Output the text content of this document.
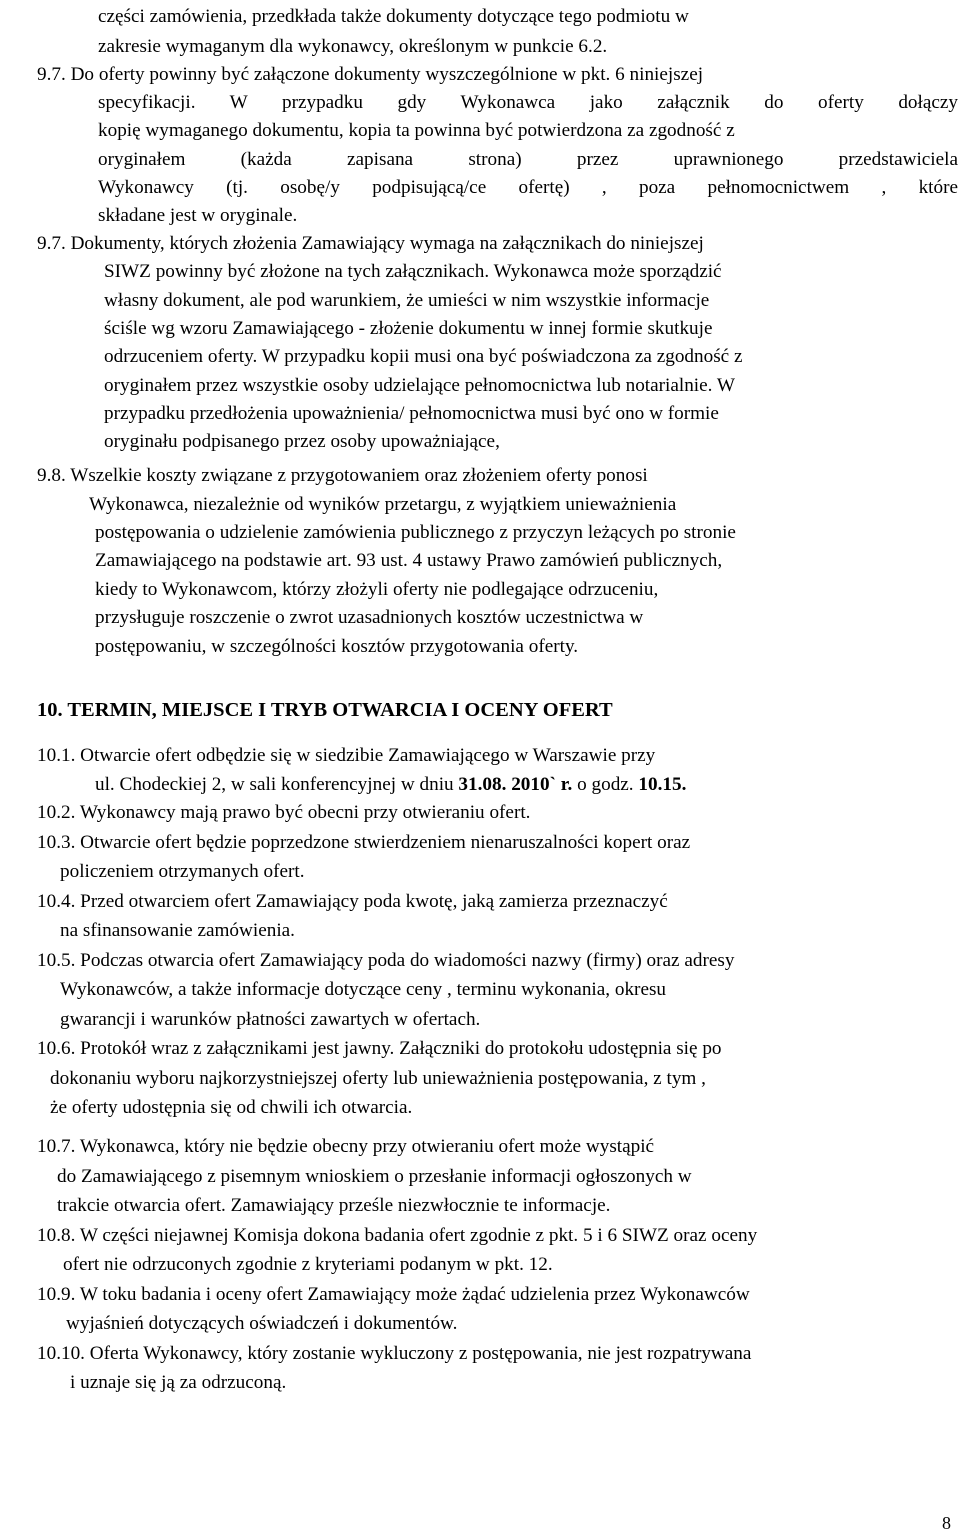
części zamówienia, przedkłada także dokumenty dotyczące tego podmiotu w
zakresie wymaganym dla wykonawcy, określonym w punkcie 6.2.
9.7. Do oferty powinny być załączone dokumenty wyszczególnione w pkt. 6 niniejszej
specyfikacji. W przypadku gdy Wykonawca jako załącznik do oferty dołączy
kopię wymaganego dokumentu, kopia ta powinna być potwierdzona za zgodność z
oryginałem (każda zapisana strona) przez uprawnionego przedstawiciela
Wykonawcy (tj. osobę/y podpisującą/ce ofertę) , poza pełnomocnictwem , które
składane jest w oryginale.
9.7. Dokumenty, których złożenia Zamawiający wymaga na załącznikach do niniejszej
SIWZ powinny być złożone na tych załącznikach. Wykonawca może sporządzić
własny dokument, ale pod warunkiem, że umieści w nim wszystkie informacje
ściśle wg wzoru Zamawiającego - złożenie dokumentu w innej formie skutkuje
odrzuceniem oferty. W przypadku kopii musi ona być poświadczona za zgodność z
oryginałem przez wszystkie osoby udzielające pełnomocnictwa lub notarialnie. W
przypadku przedłożenia upoważnienia/ pełnomocnictwa musi być ono w formie
oryginału podpisanego przez osoby upoważniające,
9.8. Wszelkie koszty związane z przygotowaniem oraz złożeniem oferty ponosi
Wykonawca, niezależnie od wyników przetargu, z wyjątkiem unieważnienia
postępowania o udzielenie zamówienia publicznego z przyczyn leżących po stronie
Zamawiającego na podstawie art. 93 ust. 4 ustawy Prawo zamówień publicznych,
kiedy to Wykonawcom, którzy złożyli oferty nie podlegające odrzuceniu,
przysługuje roszczenie o zwrot uzasadnionych kosztów uczestnictwa w
postępowaniu, w szczególności kosztów przygotowania oferty.
10. TERMIN, MIEJSCE I TRYB OTWARCIA I OCENY OFERT
10.1. Otwarcie ofert odbędzie się w siedzibie Zamawiającego w Warszawie przy
ul. Chodeckiej 2, w sali konferencyjnej w dniu 31.08. 2010` r. o godz. 10.15.
10.2. Wykonawcy mają prawo być obecni przy otwieraniu ofert.
10.3. Otwarcie ofert będzie poprzedzone stwierdzeniem nienaruszalności kopert oraz
policzeniem otrzymanych ofert.
10.4. Przed otwarciem ofert Zamawiający poda kwotę, jaką zamierza przeznaczyć
na sfinansowanie zamówienia.
10.5. Podczas otwarcia ofert Zamawiający poda do wiadomości nazwy (firmy) oraz adresy
Wykonawców, a także informacje dotyczące ceny , terminu wykonania, okresu
gwarancji i warunków płatności zawartych w ofertach.
10.6. Protokół wraz z załącznikami jest jawny. Załączniki do protokołu udostępnia się po
dokonaniu wyboru najkorzystniejszej oferty lub unieważnienia postępowania, z tym ,
że oferty udostępnia się od chwili ich otwarcia.
10.7. Wykonawca, który nie będzie obecny przy otwieraniu ofert może wystąpić
do Zamawiającego z pisemnym wnioskiem o przesłanie informacji ogłoszonych w
trakcie otwarcia ofert. Zamawiający prześle niezwłocznie te informacje.
10.8. W części niejawnej Komisja dokona badania ofert zgodnie z pkt. 5 i 6 SIWZ oraz oceny
ofert nie odrzuconych zgodnie z kryteriami podanym w pkt. 12.
10.9. W toku badania i oceny ofert Zamawiający może żądać udzielenia przez Wykonawców
wyjaśnień dotyczących oświadczeń i dokumentów.
10.10. Oferta Wykonawcy, który zostanie wykluczony z postępowania, nie jest rozpatrywana
i uznaje się ją za odrzuconą.
8
